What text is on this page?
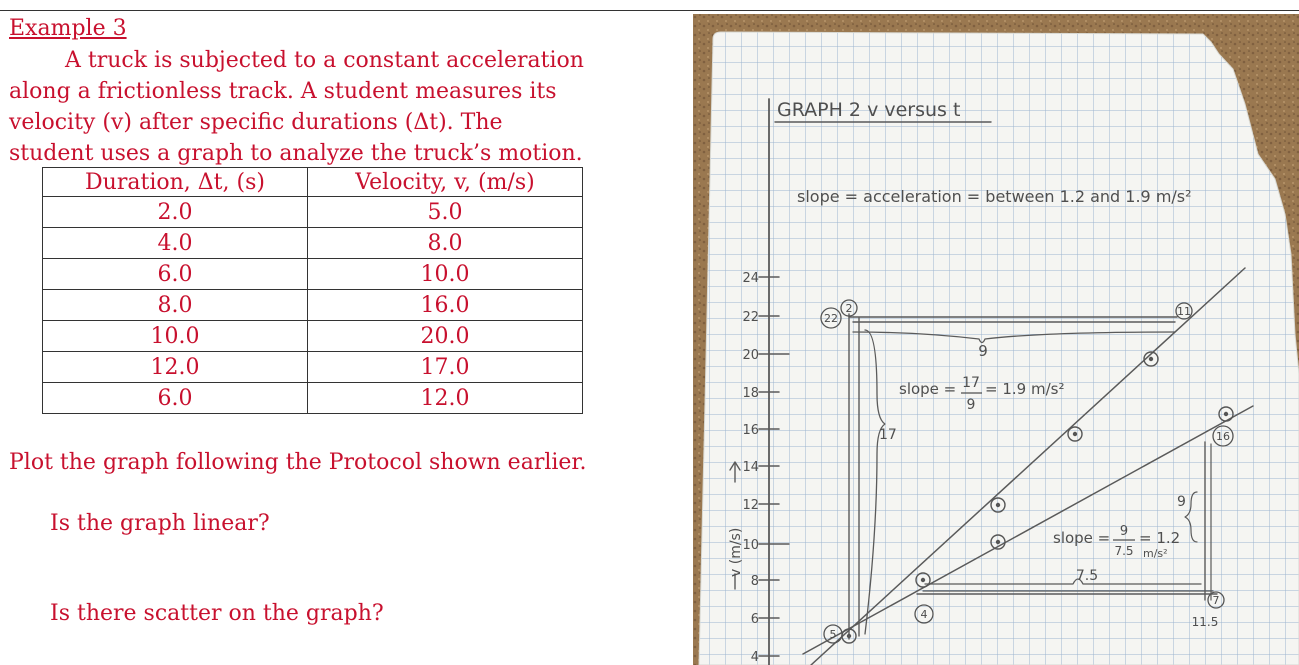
Example 3
A truck is subjected to a constant acceleration
along a frictionless track. A student measures its
velocity (v) after specific durations (Δt). The
student uses a graph to analyze the truck’s motion.
Duration, Δt, (s)	Velocity, v, (m/s)
2.0	5.0
4.0	8.0
6.0	10.0
8.0	16.0
10.0	20.0
12.0	17.0
6.0	12.0
Plot the graph following the Protocol shown earlier.
Is the graph linear?
Is there scatter on the graph?
2
22
11
5
4
16
7
GRAPH 2 v versus t
slope = acceleration = between 1.2 and 1.9 m/s²
24
22
20
18
16
14
12
10
8
6
4
v (m/s)
slope = 17
9
= 1.9 m/s²
17
9
slope = 9
7.5
= 1.2
m/s²
9
7.5
11.5
